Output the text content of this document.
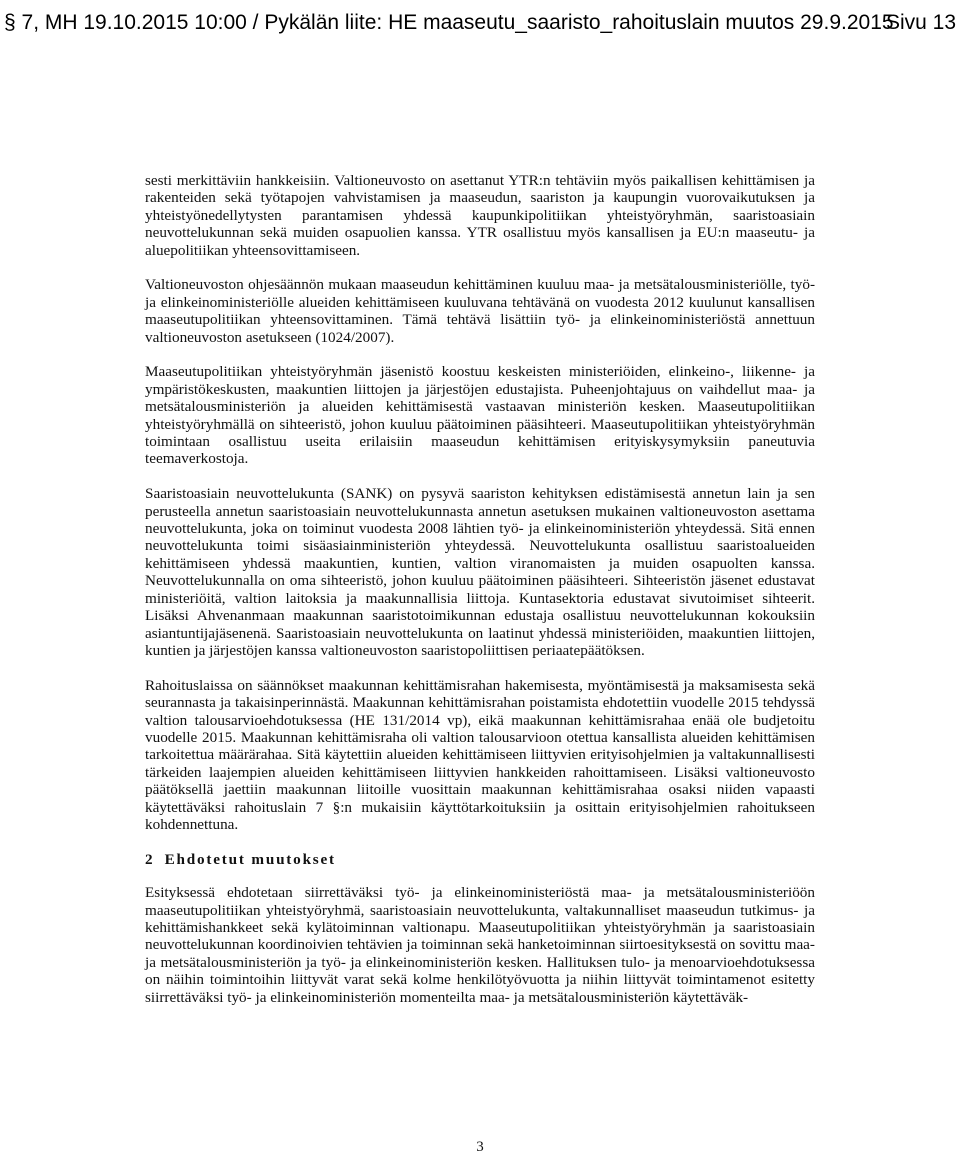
§ 7, MH 19.10.2015 10:00 / Pykälän liite: HE maaseutu_saaristo_rahoituslain muutos 29.9.2015
Sivu 13

sesti merkittäviin hankkeisiin. Valtioneuvosto on asettanut YTR:n tehtäviin myös paikallisen kehittämisen ja rakenteiden sekä työtapojen vahvistamisen ja maaseudun, saariston ja kaupungin vuorovaikutuksen ja yhteistyönedellytysten parantamisen yhdessä kaupunkipolitiikan yhteistyöryhmän, saaristoasiain neuvottelukunnan sekä muiden osapuolien kanssa. YTR osallistuu myös kansallisen ja EU:n maaseutu- ja aluepolitiikan yhteensovittamiseen.

Valtioneuvoston ohjesäännön mukaan maaseudun kehittäminen kuuluu maa- ja metsätalousministeriölle, työ- ja elinkeinoministeriölle alueiden kehittämiseen kuuluvana tehtävänä on vuodesta 2012 kuulunut kansallisen maaseutupolitiikan yhteensovittaminen. Tämä tehtävä lisättiin työ- ja elinkeinoministeriöstä annettuun valtioneuvoston asetukseen (1024/2007).

Maaseutupolitiikan yhteistyöryhmän jäsenistö koostuu keskeisten ministeriöiden, elinkeino-, liikenne- ja ympäristökeskusten, maakuntien liittojen ja järjestöjen edustajista. Puheenjohtajuus on vaihdellut maa- ja metsätalousministeriön ja alueiden kehittämisestä vastaavan ministeriön kesken. Maaseutupolitiikan yhteistyöryhmällä on sihteeristö, johon kuuluu päätoiminen pääsihteeri. Maaseutupolitiikan yhteistyöryhmän toimintaan osallistuu useita erilaisiin maaseudun kehittämisen erityiskysymyksiin paneutuvia teemaverkostoja.

Saaristoasiain neuvottelukunta (SANK) on pysyvä saariston kehityksen edistämisestä annetun lain ja sen perusteella annetun saaristoasiain neuvottelukunnasta annetun asetuksen mukainen valtioneuvoston asettama neuvottelukunta, joka on toiminut vuodesta 2008 lähtien työ- ja elinkeinoministeriön yhteydessä. Sitä ennen neuvottelukunta toimi sisäasiainministeriön yhteydessä. Neuvottelukunta osallistuu saaristoalueiden kehittämiseen yhdessä maakuntien, kuntien, valtion viranomaisten ja muiden osapuolten kanssa. Neuvottelukunnalla on oma sihteeristö, johon kuuluu päätoiminen pääsihteeri. Sihteeristön jäsenet edustavat ministeriöitä, valtion laitoksia ja maakunnallisia liittoja. Kuntasektoria edustavat sivutoimiset sihteerit. Lisäksi Ahvenanmaan maakunnan saaristotoimikunnan edustaja osallistuu neuvottelukunnan kokouksiin asiantuntijajäsenenä. Saaristoasiain neuvottelukunta on laatinut yhdessä ministeriöiden, maakuntien liittojen, kuntien ja järjestöjen kanssa valtioneuvoston saaristopoliittisen periaatepäätöksen.

Rahoituslaissa on säännökset maakunnan kehittämisrahan hakemisesta, myöntämisestä ja maksamisesta sekä seurannasta ja takaisinperinnästä. Maakunnan kehittämisrahan poistamista ehdotettiin vuodelle 2015 tehdyssä valtion talousarvioehdotuksessa (HE 131/2014 vp), eikä maakunnan kehittämisrahaa enää ole budjetoitu vuodelle 2015. Maakunnan kehittämisraha oli valtion talousarvioon otettua kansallista alueiden kehittämisen tarkoitettua määrärahaa. Sitä käytettiin alueiden kehittämiseen liittyvien erityisohjelmien ja valtakunnallisesti tärkeiden laajempien alueiden kehittämiseen liittyvien hankkeiden rahoittamiseen. Lisäksi valtioneuvosto päätöksellä jaettiin maakunnan liitoille vuosittain maakunnan kehittämisrahaa osaksi niiden vapaasti käytettäväksi rahoituslain 7 §:n mukaisiin käyttötarkoituksiin ja osittain erityisohjelmien rahoitukseen kohdennettuna.

2 Ehdotetut muutokset

Esityksessä ehdotetaan siirrettäväksi työ- ja elinkeinoministeriöstä maa- ja metsätalousministeriöön maaseutupolitiikan yhteistyöryhmä, saaristoasiain neuvottelukunta, valtakunnalliset maaseudun tutkimus- ja kehittämishankkeet sekä kylätoiminnan valtionapu. Maaseutupolitiikan yhteistyöryhmän ja saaristoasiain neuvottelukunnan koordinoivien tehtävien ja toiminnan sekä hanketoiminnan siirtoesityksestä on sovittu maa- ja metsätalousministeriön ja työ- ja elinkeinoministeriön kesken. Hallituksen tulo- ja menoarvioehdotuksessa on näihin toimintoihin liittyvät varat sekä kolme henkilötyövuotta ja niihin liittyvät toimintamenot esitetty siirrettäväksi työ- ja elinkeinoministeriön momenteilta maa- ja metsätalousministeriön käytettäväk-

3
